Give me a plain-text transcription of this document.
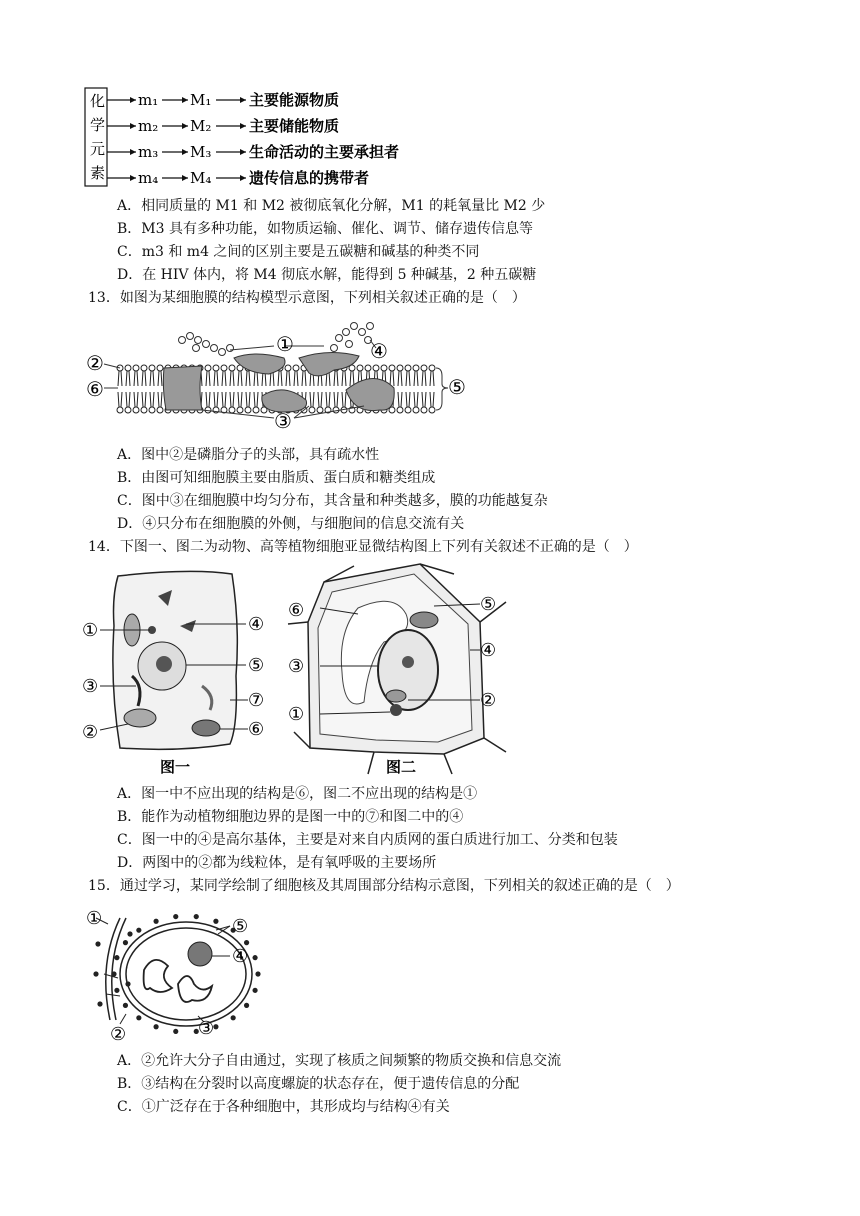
化
学
元
素
m₁ M₁	主要能源物质
m₂ M₂	主要储能物质
m₃ M₃	生命活动的主要承担者
m₄ M₄	遗传信息的携带者
A．相同质量的 M1 和 M2 被彻底氧化分解，M1 的耗氧量比 M2 少
B．M3 具有多种功能，如物质运输、催化、调节、储存遗传信息等
C．m3 和 m4 之间的区别主要是五碳糖和碱基的种类不同
D．在 HIV 体内，将 M4 彻底水解，能得到 5 种碱基，2 种五碳糖
13．如图为某细胞膜的结构模型示意图，下列相关叙述正确的是（　）
①
②
③
④
⑤
⑥
A．图中②是磷脂分子的头部，具有疏水性
B．由图可知细胞膜主要由脂质、蛋白质和糖类组成
C．图中③在细胞膜中均匀分布，其含量和种类越多，膜的功能越复杂
D．④只分布在细胞膜的外侧，与细胞间的信息交流有关
14．下图一、图二为动物、高等植物细胞亚显微结构图上下列有关叙述不正确的是（　）
①	④
⑤
③
⑦
②	⑥
图一
⑥	⑤
④
③
②
①
图二
A．图一中不应出现的结构是⑥，图二不应出现的结构是①
B．能作为动植物细胞边界的是图一中的⑦和图二中的④
C．图一中的④是高尔基体，主要是对来自内质网的蛋白质进行加工、分类和包装
D．两图中的②都为线粒体，是有氧呼吸的主要场所
15．通过学习，某同学绘制了细胞核及其周围部分结构示意图，下列相关的叙述正确的是（　）
①	⑤
④
②	③
A．②允许大分子自由通过，实现了核质之间频繁的物质交换和信息交流
B．③结构在分裂时以高度螺旋的状态存在，便于遗传信息的分配
C．①广泛存在于各种细胞中，其形成均与结构④有关
